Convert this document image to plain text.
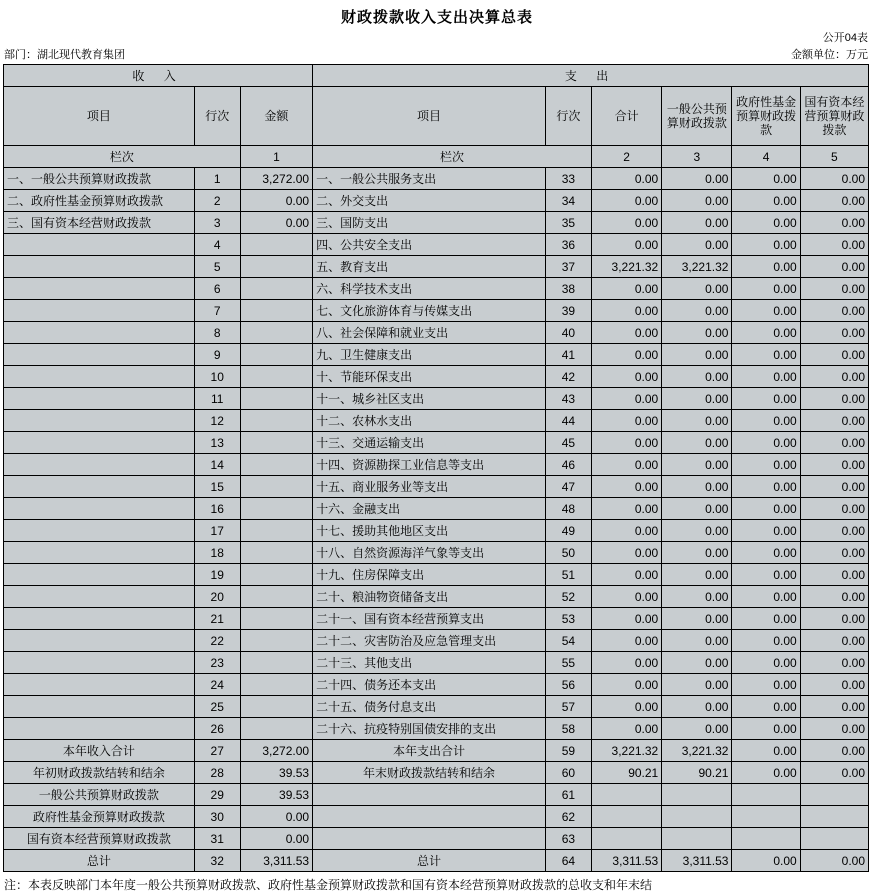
财政拨款收入支出决算总表
公开04表
部门：湖北现代教育集团	金额单位：万元
收 入			支 出					
项目	行次	金额	项目	行次	合计	一般公共预算财政拨款	政府性基金预算财政拨款	国有资本经营预算财政拨款
栏次		1	栏次		2	3	4	5
一、一般公共预算财政拨款	1	3,272.00	一、一般公共服务支出	33	0.00	0.00	0.00	0.00
二、政府性基金预算财政拨款	2	0.00	二、外交支出	34	0.00	0.00	0.00	0.00
三、国有资本经营财政拨款	3	0.00	三、国防支出	35	0.00	0.00	0.00	0.00
	4		四、公共安全支出	36	0.00	0.00	0.00	0.00
	5		五、教育支出	37	3,221.32	3,221.32	0.00	0.00
	6		六、科学技术支出	38	0.00	0.00	0.00	0.00
	7		七、文化旅游体育与传媒支出	39	0.00	0.00	0.00	0.00
	8		八、社会保障和就业支出	40	0.00	0.00	0.00	0.00
	9		九、卫生健康支出	41	0.00	0.00	0.00	0.00
	10		十、节能环保支出	42	0.00	0.00	0.00	0.00
	11		十一、城乡社区支出	43	0.00	0.00	0.00	0.00
	12		十二、农林水支出	44	0.00	0.00	0.00	0.00
	13		十三、交通运输支出	45	0.00	0.00	0.00	0.00
	14		十四、资源勘探工业信息等支出	46	0.00	0.00	0.00	0.00
	15		十五、商业服务业等支出	47	0.00	0.00	0.00	0.00
	16		十六、金融支出	48	0.00	0.00	0.00	0.00
	17		十七、援助其他地区支出	49	0.00	0.00	0.00	0.00
	18		十八、自然资源海洋气象等支出	50	0.00	0.00	0.00	0.00
	19		十九、住房保障支出	51	0.00	0.00	0.00	0.00
	20		二十、粮油物资储备支出	52	0.00	0.00	0.00	0.00
	21		二十一、国有资本经营预算支出	53	0.00	0.00	0.00	0.00
	22		二十二、灾害防治及应急管理支出	54	0.00	0.00	0.00	0.00
	23		二十三、其他支出	55	0.00	0.00	0.00	0.00
	24		二十四、债务还本支出	56	0.00	0.00	0.00	0.00
	25		二十五、债务付息支出	57	0.00	0.00	0.00	0.00
	26		二十六、抗疫特别国债安排的支出	58	0.00	0.00	0.00	0.00
本年收入合计	27	3,272.00	本年支出合计	59	3,221.32	3,221.32	0.00	0.00
年初财政拨款结转和结余	28	39.53	年末财政拨款结转和结余	60	90.21	90.21	0.00	0.00
一般公共预算财政拨款	29	39.53		61				
政府性基金预算财政拨款	30	0.00		62				
国有资本经营预算财政拨款	31	0.00		63				
总计	32	3,311.53	总计	64	3,311.53	3,311.53	0.00	0.00
注：本表反映部门本年度一般公共预算财政拨款、政府性基金预算财政拨款和国有资本经营预算财政拨款的总收支和年末结
